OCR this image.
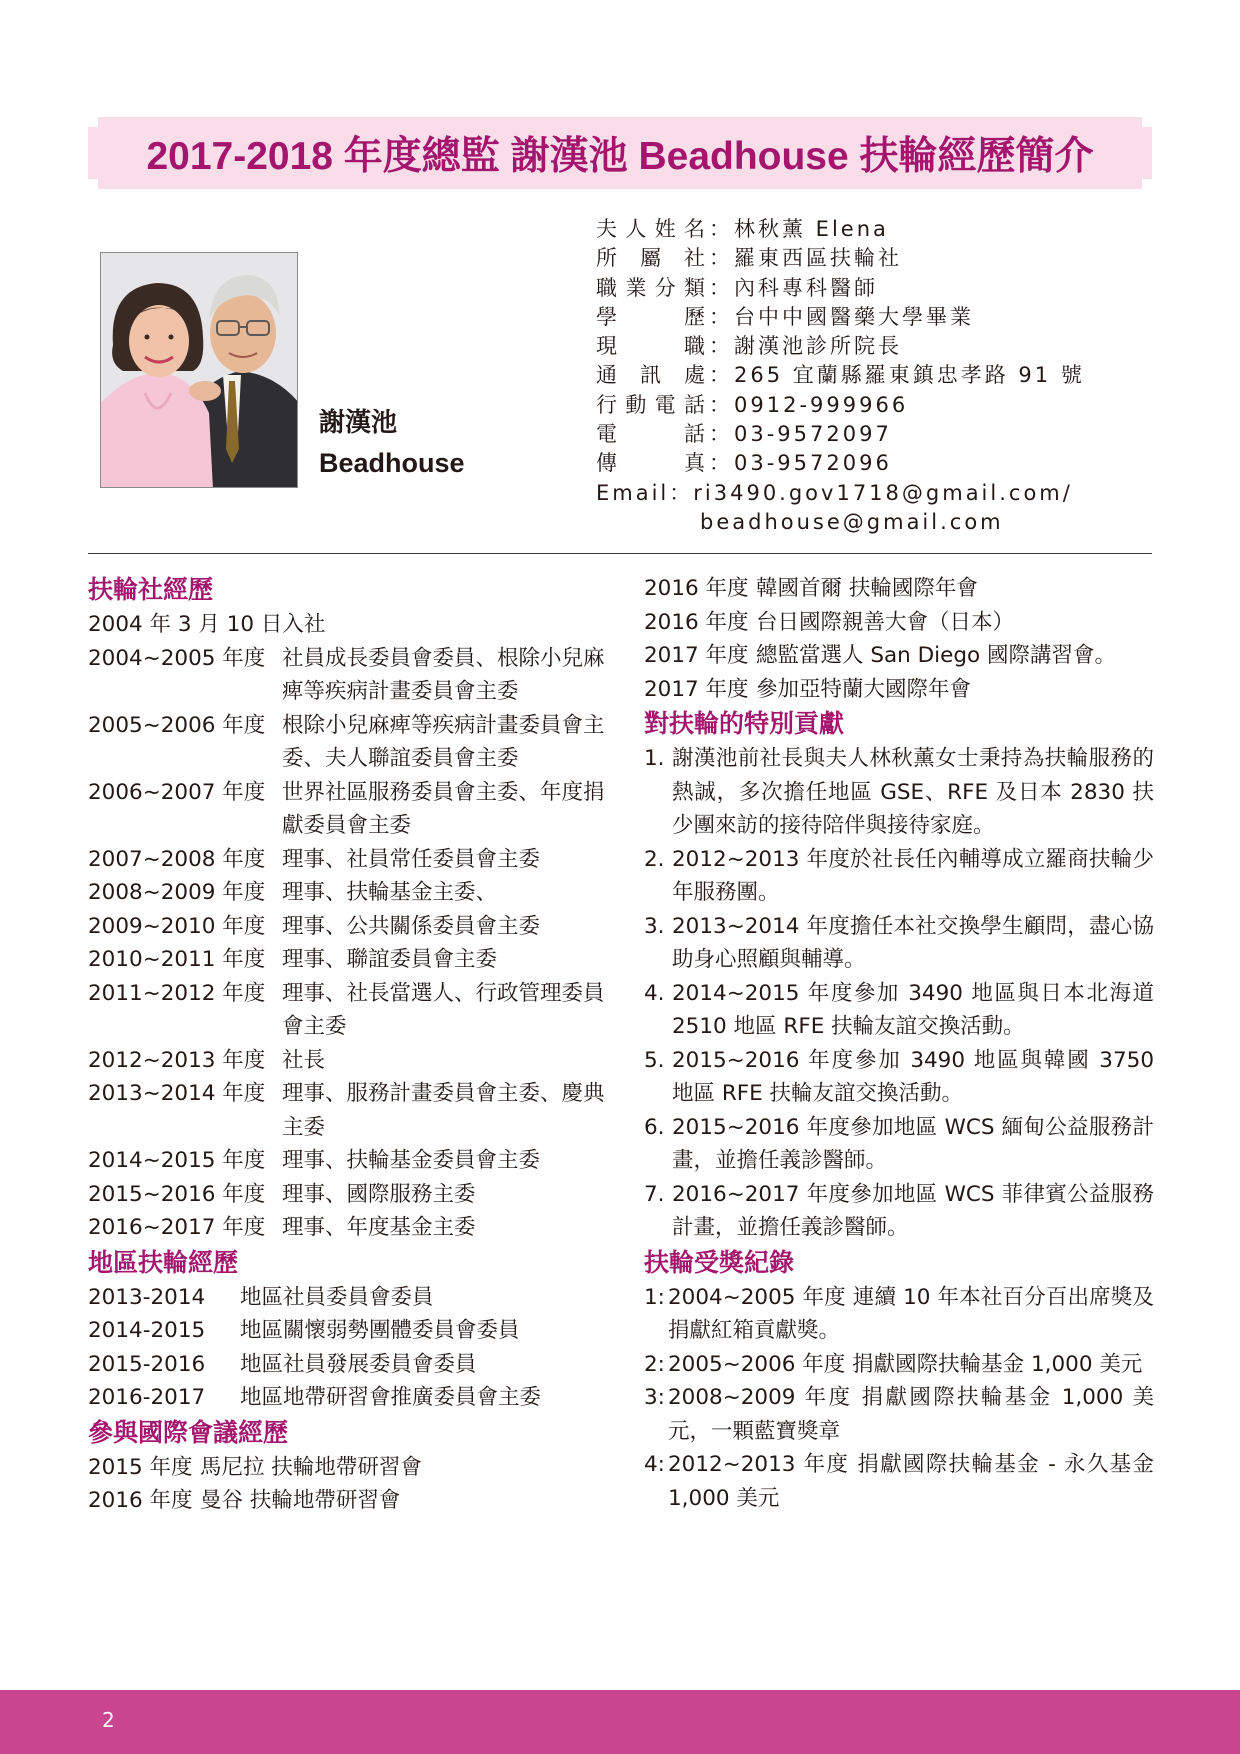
2017-2018 年度總監 謝漢池 Beadhouse 扶輪經歷簡介
謝漢池
Beadhouse
夫人姓名 ： 林秋薰 Elena
所屬社 ： 羅東西區扶輪社
職業分類 ： 內科專科醫師
學歷 ： 台中中國醫藥大學畢業
現職 ： 謝漢池診所院長
通訊處 ： 265 宜蘭縣羅東鎮忠孝路 91 號
行動電話 ： 0912-999966
電話 ： 03-9572097
傳真 ： 03-9572096
Email： ri3490.gov1718@gmail.com/
beadhouse@gmail.com
扶輪社經歷
2004 年 3 月 10 日入社
2004~2005 年度 社員成長委員會委員、根除小兒麻痺等疾病計畫委員會主委
2005~2006 年度 根除小兒麻痺等疾病計畫委員會主委、夫人聯誼委員會主委
2006~2007 年度 世界社區服務委員會主委、年度捐獻委員會主委
2007~2008 年度 理事、社員常任委員會主委
2008~2009 年度 理事、扶輪基金主委、
2009~2010 年度 理事、公共關係委員會主委
2010~2011 年度 理事、聯誼委員會主委
2011~2012 年度 理事、社長當選人、行政管理委員會主委
2012~2013 年度 社長
2013~2014 年度 理事、服務計畫委員會主委、慶典主委
2014~2015 年度 理事、扶輪基金委員會主委
2015~2016 年度 理事、國際服務主委
2016~2017 年度 理事、年度基金主委
地區扶輪經歷
2013-2014	地區社員委員會委員
2014-2015	地區關懷弱勢團體委員會委員
2015-2016	地區社員發展委員會委員
2016-2017	地區地帶研習會推廣委員會主委
參與國際會議經歷
2015 年度 馬尼拉 扶輪地帶研習會
2016 年度 曼谷 扶輪地帶研習會
2016 年度 韓國首爾 扶輪國際年會
2016 年度 台日國際親善大會（日本）
2017 年度 總監當選人 San Diego 國際講習會。
2017 年度 參加亞特蘭大國際年會
對扶輪的特別貢獻
1. 謝漢池前社長與夫人林秋薰女士秉持為扶輪服務的熱誠，多次擔任地區 GSE、RFE 及日本 2830 扶少團來訪的接待陪伴與接待家庭。
2. 2012~2013 年度於社長任內輔導成立羅商扶輪少年服務團。
3. 2013~2014 年度擔任本社交換學生顧問，盡心協助身心照顧與輔導。
4. 2014~2015 年度參加 3490 地區與日本北海道 2510 地區 RFE 扶輪友誼交換活動。
5. 2015~2016 年度參加 3490 地區與韓國 3750 地區 RFE 扶輪友誼交換活動。
6. 2015~2016 年度參加地區 WCS 緬甸公益服務計畫，並擔任義診醫師。
7. 2016~2017 年度參加地區 WCS 菲律賓公益服務計畫，並擔任義診醫師。
扶輪受獎紀錄
1: 2004~2005 年度 連續 10 年本社百分百出席獎及捐獻紅箱貢獻獎。
2: 2005~2006 年度 捐獻國際扶輪基金 1,000 美元
3: 2008~2009 年度 捐獻國際扶輪基金 1,000 美元，一顆藍寶獎章
4: 2012~2013 年度 捐獻國際扶輪基金 - 永久基金 1,000 美元
2
